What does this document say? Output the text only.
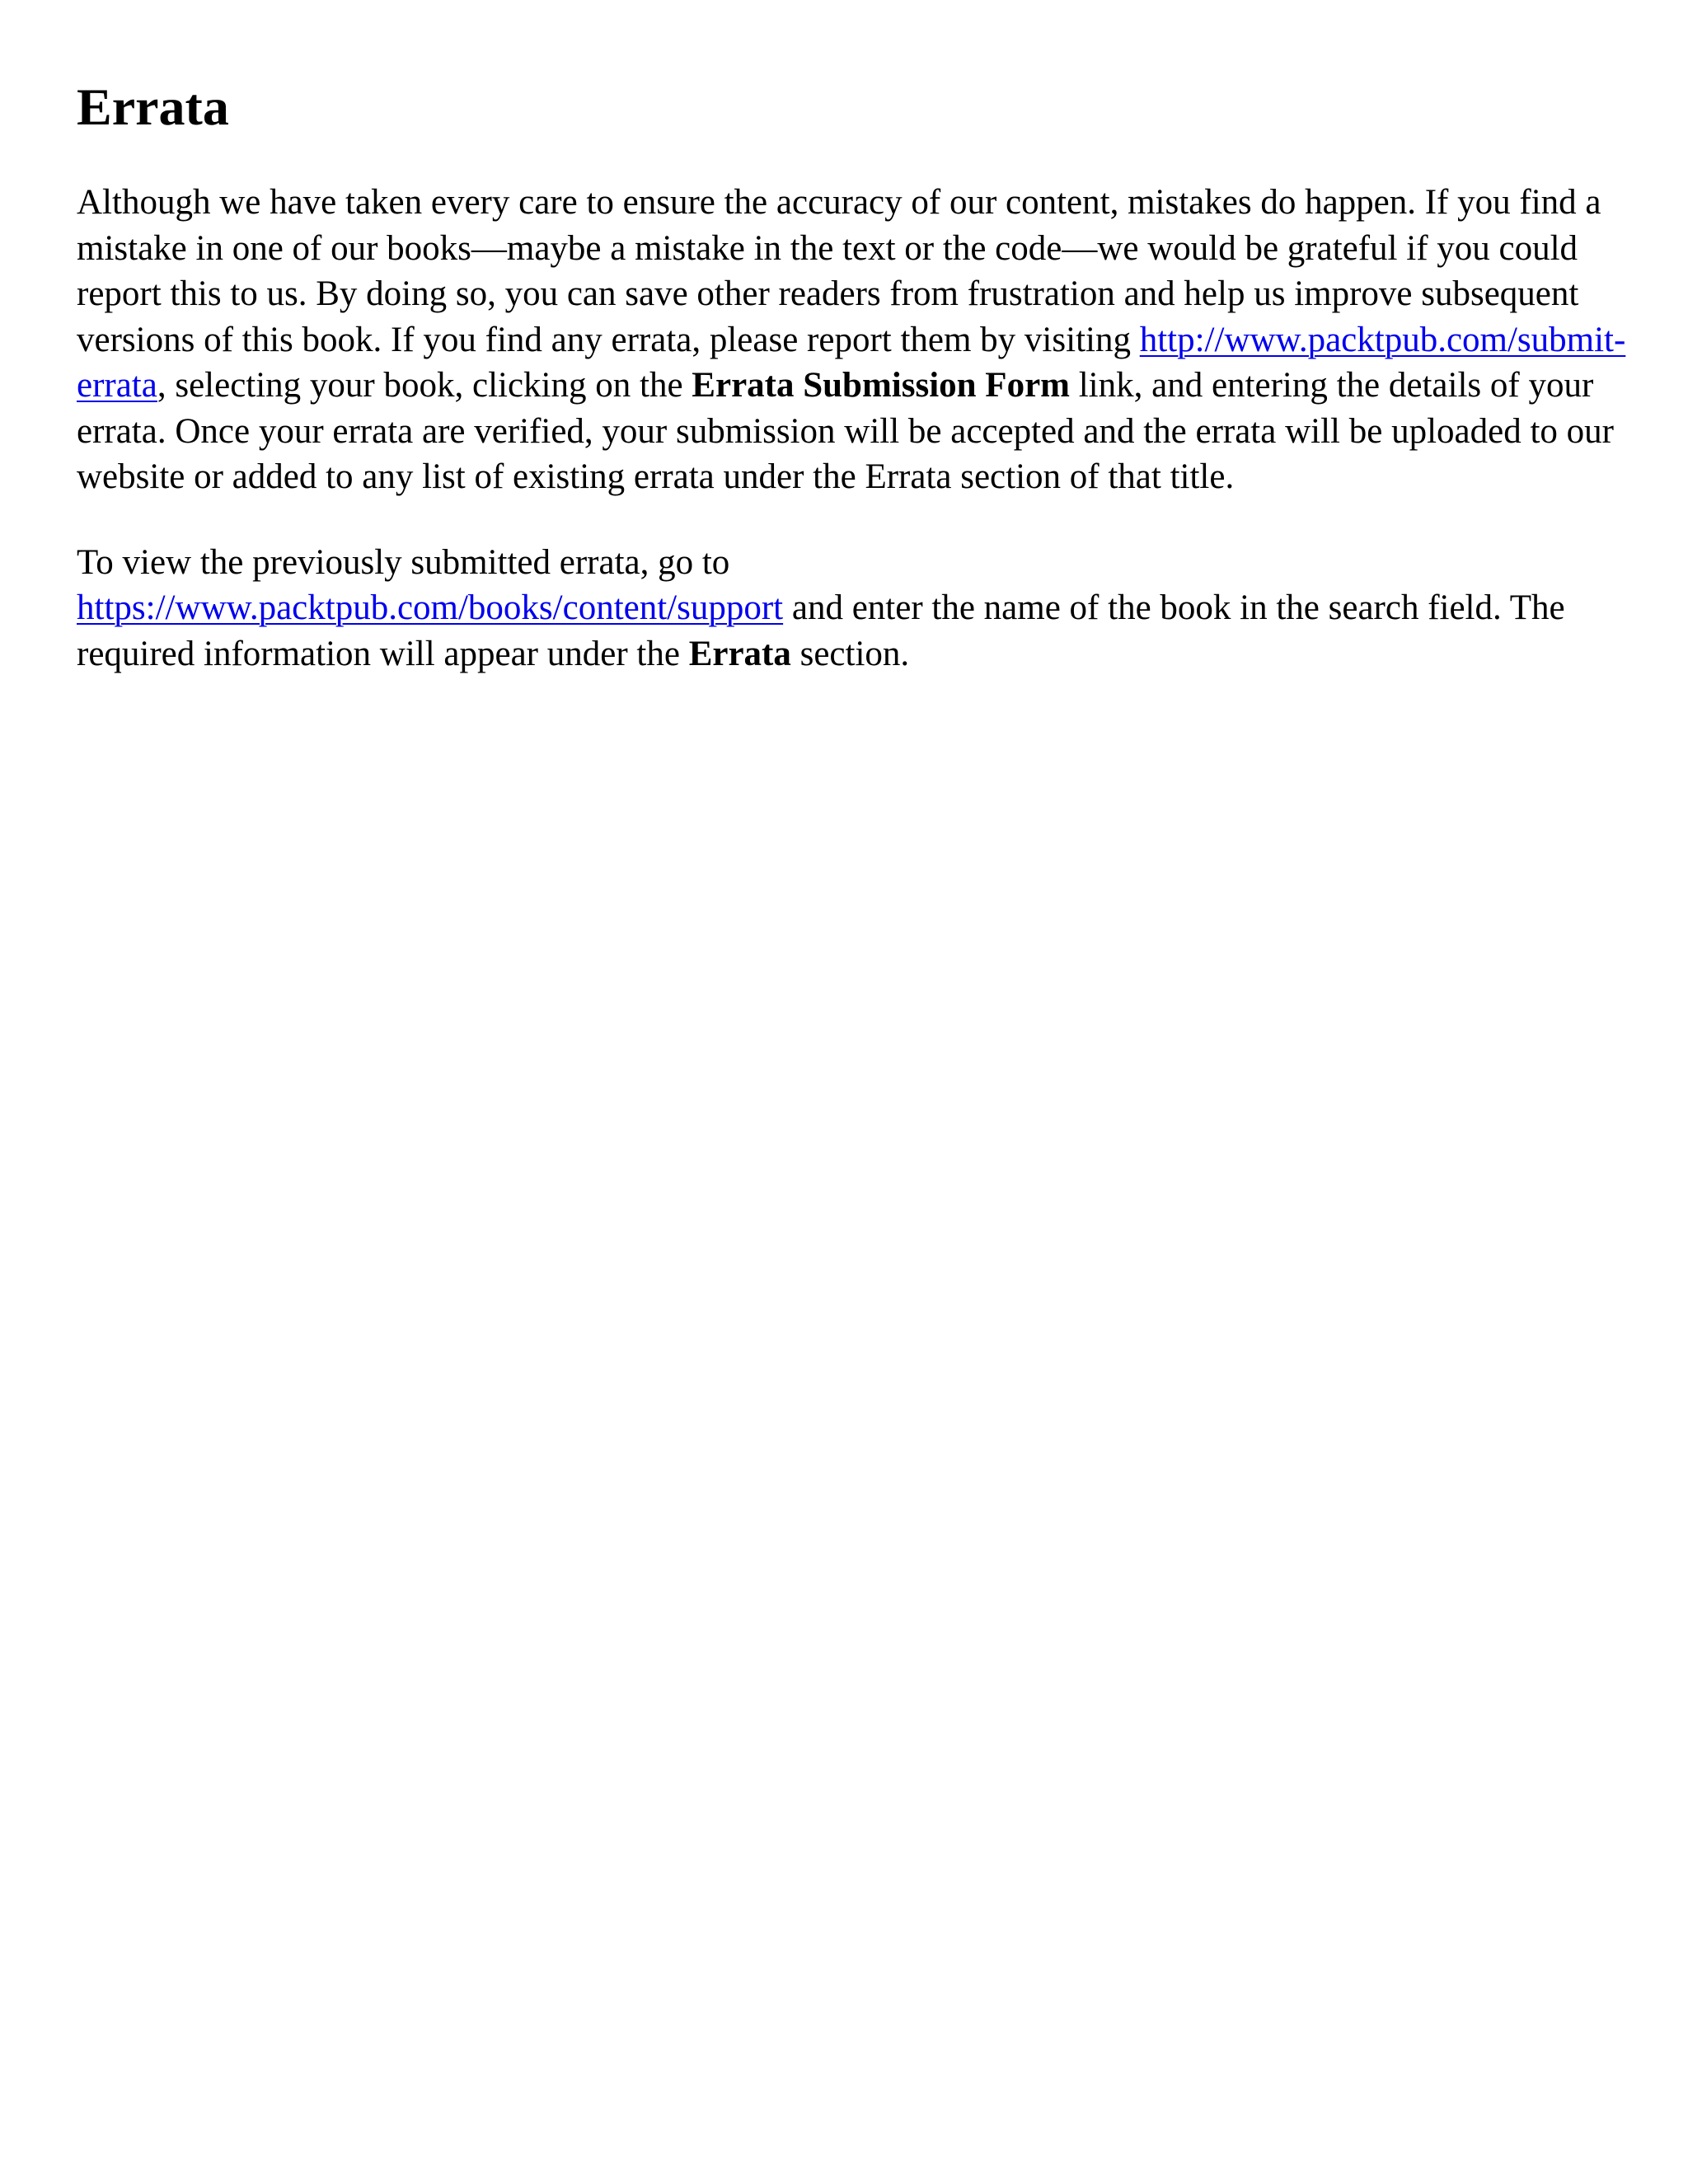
Errata

Although we have taken every care to ensure the accuracy of our content, mistakes do happen. If you find a mistake in one of our books—maybe a mistake in the text or the code—we would be grateful if you could report this to us. By doing so, you can save other readers from frustration and help us improve subsequent versions of this book. If you find any errata, please report them by visiting http://www.packtpub.com/submit-errata, selecting your book, clicking on the Errata Submission Form link, and entering the details of your errata. Once your errata are verified, your submission will be accepted and the errata will be uploaded to our website or added to any list of existing errata under the Errata section of that title.

To view the previously submitted errata, go to
https://www.packtpub.com/books/content/support and enter the name of the book in the search field. The required information will appear under the Errata section.
